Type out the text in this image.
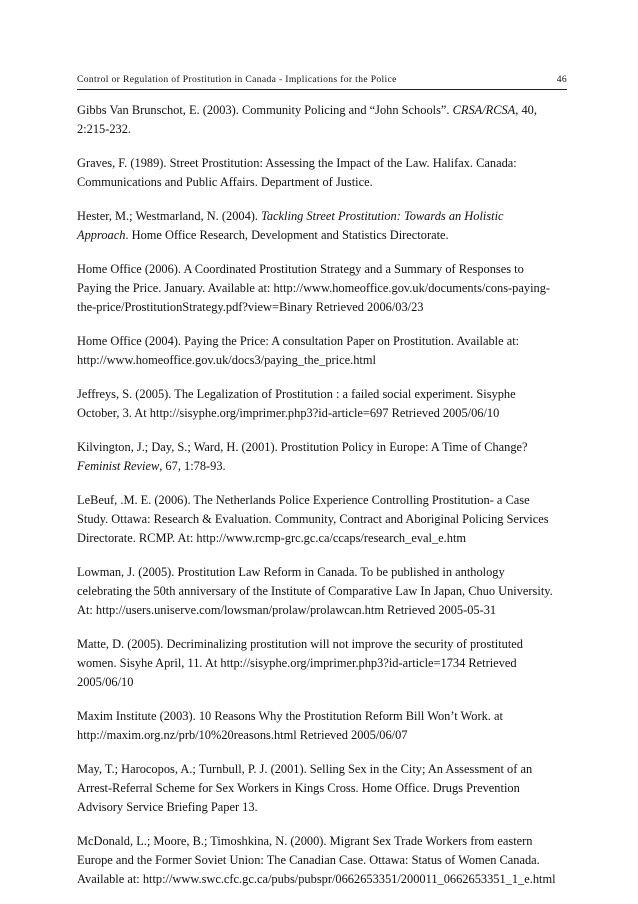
Control or Regulation of Prostitution in Canada - Implications for the Police	46

Gibbs Van Brunschot, E. (2003). Community Policing and “John Schools”. CRSA/RCSA, 40,
2:215-232.

Graves, F. (1989). Street Prostitution: Assessing the Impact of the Law. Halifax. Canada:
Communications and Public Affairs. Department of Justice.

Hester, M.; Westmarland, N. (2004). Tackling Street Prostitution: Towards an Holistic
Approach. Home Office Research, Development and Statistics Directorate.

Home Office (2006). A Coordinated Prostitution Strategy and a Summary of Responses to
Paying the Price. January. Available at: http://www.homeoffice.gov.uk/documents/cons-paying-
the-price/ProstitutionStrategy.pdf?view=Binary Retrieved 2006/03/23

Home Office (2004). Paying the Price: A consultation Paper on Prostitution. Available at:
http://www.homeoffice.gov.uk/docs3/paying_the_price.html

Jeffreys, S. (2005). The Legalization of Prostitution : a failed social experiment. Sisyphe
October, 3. At http://sisyphe.org/imprimer.php3?id-article=697 Retrieved 2005/06/10

Kilvington, J.; Day, S.; Ward, H. (2001). Prostitution Policy in Europe: A Time of Change?
Feminist Review, 67, 1:78-93.

LeBeuf, .M. E. (2006). The Netherlands Police Experience Controlling Prostitution- a Case
Study. Ottawa: Research & Evaluation. Community, Contract and Aboriginal Policing Services
Directorate. RCMP. At: http://www.rcmp-grc.gc.ca/ccaps/research_eval_e.htm

Lowman, J. (2005). Prostitution Law Reform in Canada. To be published in anthology
celebrating the 50th anniversary of the Institute of Comparative Law In Japan, Chuo University.
At: http://users.uniserve.com/lowsman/prolaw/prolawcan.htm Retrieved 2005-05-31

Matte, D. (2005). Decriminalizing prostitution will not improve the security of prostituted
women. Sisyhe April, 11. At http://sisyphe.org/imprimer.php3?id-article=1734 Retrieved
2005/06/10

Maxim Institute (2003). 10 Reasons Why the Prostitution Reform Bill Won’t Work. at
http://maxim.org.nz/prb/10%20reasons.html Retrieved 2005/06/07

May, T.; Harocopos, A.; Turnbull, P. J. (2001). Selling Sex in the City; An Assessment of an
Arrest-Referral Scheme for Sex Workers in Kings Cross. Home Office. Drugs Prevention
Advisory Service Briefing Paper 13.

McDonald, L.; Moore, B.; Timoshkina, N. (2000). Migrant Sex Trade Workers from eastern
Europe and the Former Soviet Union: The Canadian Case. Ottawa: Status of Women Canada.
Available at: http://www.swc.cfc.gc.ca/pubs/pubspr/0662653351/200011_0662653351_1_e.html
